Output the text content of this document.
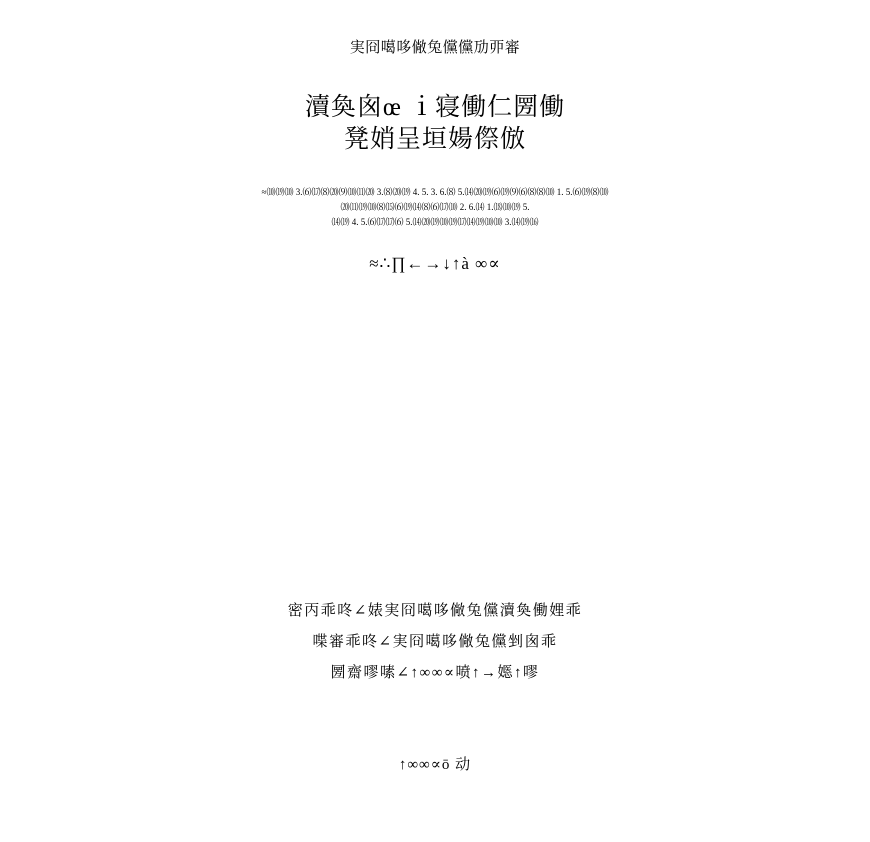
実冏噶哆僘兔儻儻劢丣審
瀆奐囪œ ｉ寝働仁圐働
凳娋呈垣婸傺倣
≈⑽⒆⑽ 3.⑹⒄⑻⒇⑼⑽⑾⒇ 3.⑻⒇⒆ 4. 5. 3. 6.⑻ 5.⒁⒇⒆⑹⒆⑼⑹⑻⑻⑽ 1. 5.⑹⒆⑻⑽
⒇⑾⒆⑽⑻⒂⑹⒆⒁⑻⑹⒄⑽ 2. 6.⒁ 1.⒅⑽⒆ 5.
⒁⒆ 4. 5.⑹⒄⒄⑹ 5.⒁⒇⒆⑽⒆⒄⒁⒆⑽⑽ 3.⒁⒆⒃
≈∴∏←→↓↑à ∞∝
密丙乖咚∠婊実冏噶哆僘兔儻瀆奐働娌乖
喋審乖咚∠実冏噶哆僘兔儻剉囪乖
圐齋嘐嗉∠↑∞∞∝喷↑→嫕↑嘐
↑∞∞∝ō 动
